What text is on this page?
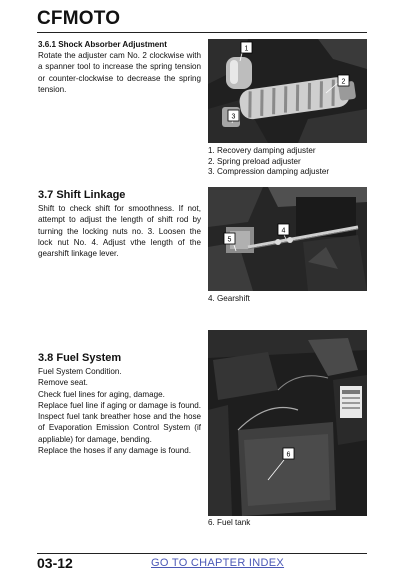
CFMOTO
3.6.1 Shock Absorber Adjustment
Rotate the adjuster cam No. 2 clockwise with a spanner tool to increase the spring tension or counter-clockwise to decrease the spring tension.
1
2
3
1. Recovery damping adjuster
2. Spring preload adjuster
3. Compression damping adjuster
3.7 Shift Linkage
Shift to check shift for smoothness. If not, attempt to adjust the length of shift rod by turning the locking nuts no. 3. Loosen the lock nut No. 4. Adjust vthe length of the gearshift linkage lever.
5
4
4. Gearshift
3.8 Fuel System
Fuel System Condition.
Remove seat.
Check fuel lines for aging, damage.
Replace fuel line if aging or damage is found. Inspect fuel tank breather hose and the hose of Evaporation Emission Control System (if appliable) for damage, bending.
Replace the hoses if any damage is found.	6
6. Fuel tank
03-12	GO TO CHAPTER INDEX
